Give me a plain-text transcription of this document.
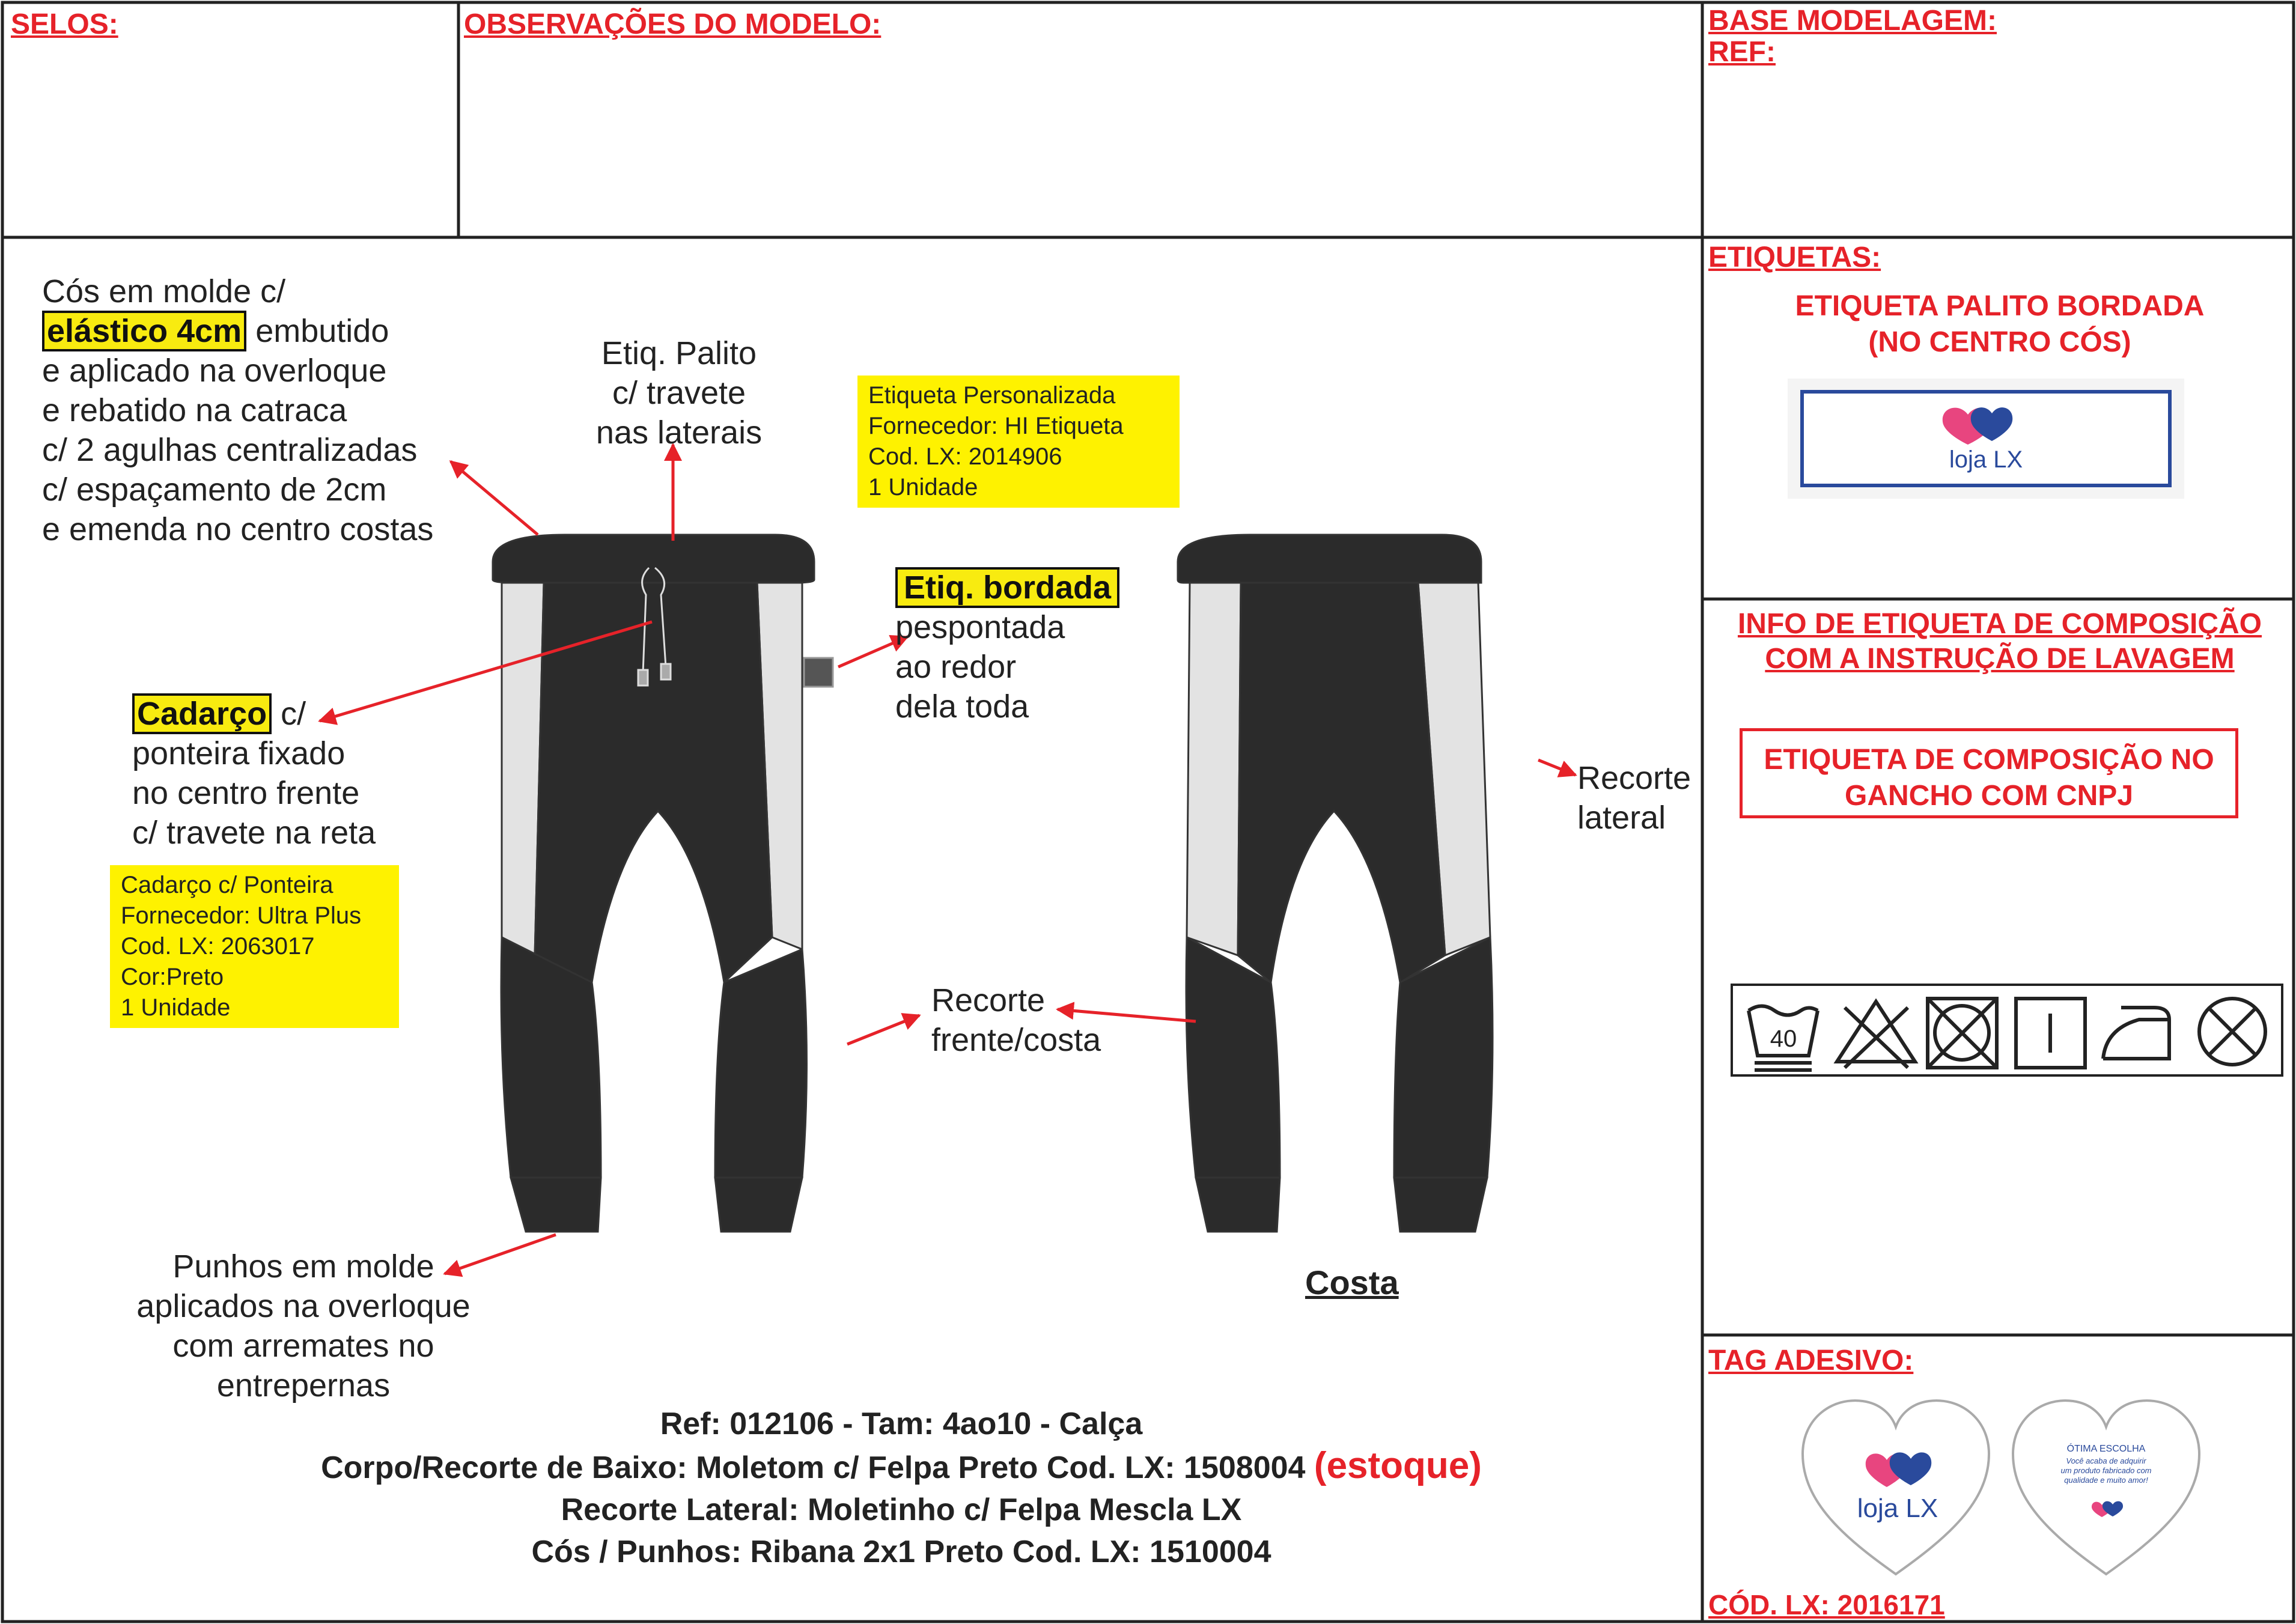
SELOS:	OBSERVAÇÕES DO MODELO:	BASE MODELAGEM:
REF:
ETIQUETAS:
ETIQUETA PALITO BORDADA
(NO CENTRO CÓS)
loja LX
INFO DE ETIQUETA DE COMPOSIÇÃO
COM A INSTRUÇÃO DE LAVAGEM
ETIQUETA DE COMPOSIÇÃO NO
GANCHO COM CNPJ
40
TAG ADESIVO:
loja LX
ÓTIMA ESCOLHA
Você acaba de adquirir
um produto fabricado com
qualidade e muito amor!
CÓD. LX: 2016171
Cós em molde c/
elástico 4cm embutido
e aplicado na overloque
e rebatido na catraca
c/ 2 agulhas centralizadas
c/ espaçamento de 2cm
e emenda no centro costas
Etiq. Palito
c/ travete
nas laterais
Etiqueta Personalizada
Fornecedor: HI Etiqueta
Cod. LX: 2014906
1 Unidade
Etiq. bordada
pespontada
ao redor
dela toda
Cadarço c/
ponteira fixado
no centro frente
c/ travete na reta
Cadarço c/ Ponteira
Fornecedor: Ultra Plus
Cod. LX: 2063017
Cor:Preto
1 Unidade
Recorte
lateral
Recorte
frente/costa
Punhos em molde
aplicados na overloque
com arremates no
entrepernas
Costa
Ref: 012106 - Tam: 4ao10 - Calça
Corpo/Recorte de Baixo: Moletom c/ Felpa Preto Cod. LX: 1508004 (estoque)
Recorte Lateral: Moletinho c/ Felpa Mescla LX
Cós / Punhos: Ribana 2x1 Preto Cod. LX: 1510004
